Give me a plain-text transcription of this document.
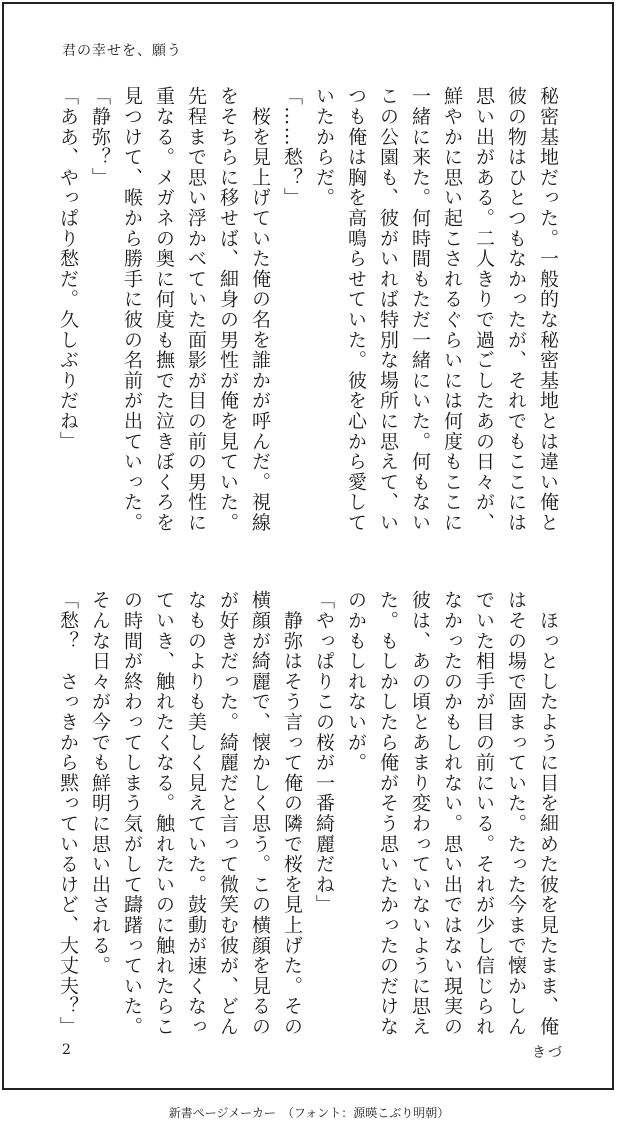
君の幸せを、願う
秘密基地だった。一般的な秘密基地とは違い俺と
彼の物はひとつもなかったが、それでもここには
思い出がある。二人きりで過ごしたあの日々が、
鮮やかに思い起こされるぐらいには何度もここに
一緒に来た。何時間もただ一緒にいた。何もない
この公園も、彼がいれば特別な場所に思えて、い
つも俺は胸を高鳴らせていた。彼を心から愛して
いたからだ。
「……愁？」
　桜を見上げていた俺の名を誰かが呼んだ。視線
をそちらに移せば、細身の男性が俺を見ていた。
先程まで思い浮かべていた面影が目の前の男性に
重なる。メガネの奥に何度も撫でた泣きぼくろを
見つけて、喉から勝手に彼の名前が出ていった。
「静弥？」
「ああ、やっぱり愁だ。久しぶりだね」
　ほっとしたように目を細めた彼を見たまま、俺
はその場で固まっていた。たった今まで懐かしん
でいた相手が目の前にいる。それが少し信じられ
なかったのかもしれない。思い出ではない現実の
彼は、あの頃とあまり変わっていないように思え
た。もしかしたら俺がそう思いたかったのだけな
のかもしれないが。
「やっぱりこの桜が一番綺麗だね」
　静弥はそう言って俺の隣で桜を見上げた。その
横顔が綺麗で、懐かしく思う。この横顔を見るの
が好きだった。綺麗だと言って微笑む彼が、どん
なものよりも美しく見えていた。鼓動が速くなっ
ていき、触れたくなる。触れたいのに触れたらこ
の時間が終わってしまう気がして躊躇っていた。
そんな日々が今でも鮮明に思い出される。
「愁？　さっきから黙っているけど、大丈夫？」
2	きづ
新書ページメーカー　（フォント：源暎こぶり明朝）
